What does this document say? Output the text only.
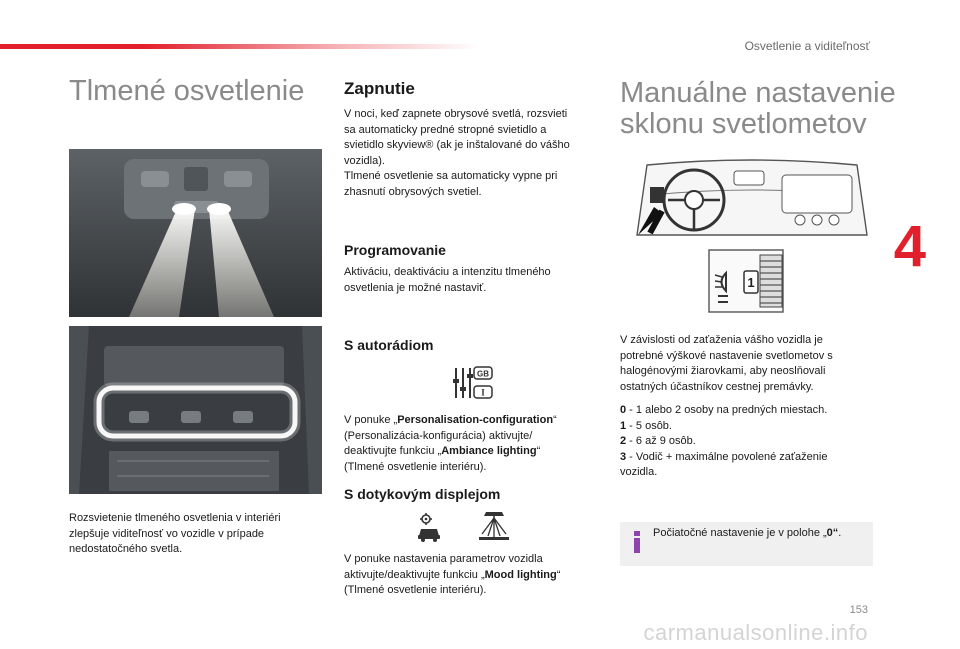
Osvetlenie a viditeľnosť
4
Tlmené osvetlenie
Rozsvietenie tlmeného osvetlenia v interiéri
zlepšuje viditeľnosť vo vozidle v prípade
nedostatočného svetla.
Zapnutie
V noci, keď zapnete obrysové svetlá, rozsvieti
sa automaticky predné stropné svietidlo a
svietidlo skyview® (ak je inštalované do vášho
vozidla).
Tlmené osvetlenie sa automaticky vypne pri
zhasnutí obrysových svetiel.
Programovanie
Aktiváciu, deaktiváciu a intenzitu tlmeného
osvetlenia je možné nastaviť.
S autorádiom
GB
I
V ponuke „Personalisation-configuration“
(Personalizácia-konfigurácia) aktivujte/
deaktivujte funkciu „Ambiance lighting“
(Tlmené osvetlenie interiéru).
S dotykovým displejom
V ponuke nastavenia parametrov vozidla
aktivujte/deaktivujte funkciu „Mood lighting“
(Tlmené osvetlenie interiéru).
Manuálne nastavenie
sklonu svetlometov
1
V závislosti od zaťaženia vášho vozidla je
potrebné výškové nastavenie svetlometov s
halogénovými žiarovkami, aby neoslňovali
ostatných účastníkov cestnej premávky.
0 - 1 alebo 2 osoby na predných miestach.
1 - 5 osôb.
2 - 6 až 9 osôb.
3 - Vodič + maximálne povolené zaťaženie
vozidla.
Počiatočné nastavenie je v polohe „0“.
153
carmanualsonline.info
